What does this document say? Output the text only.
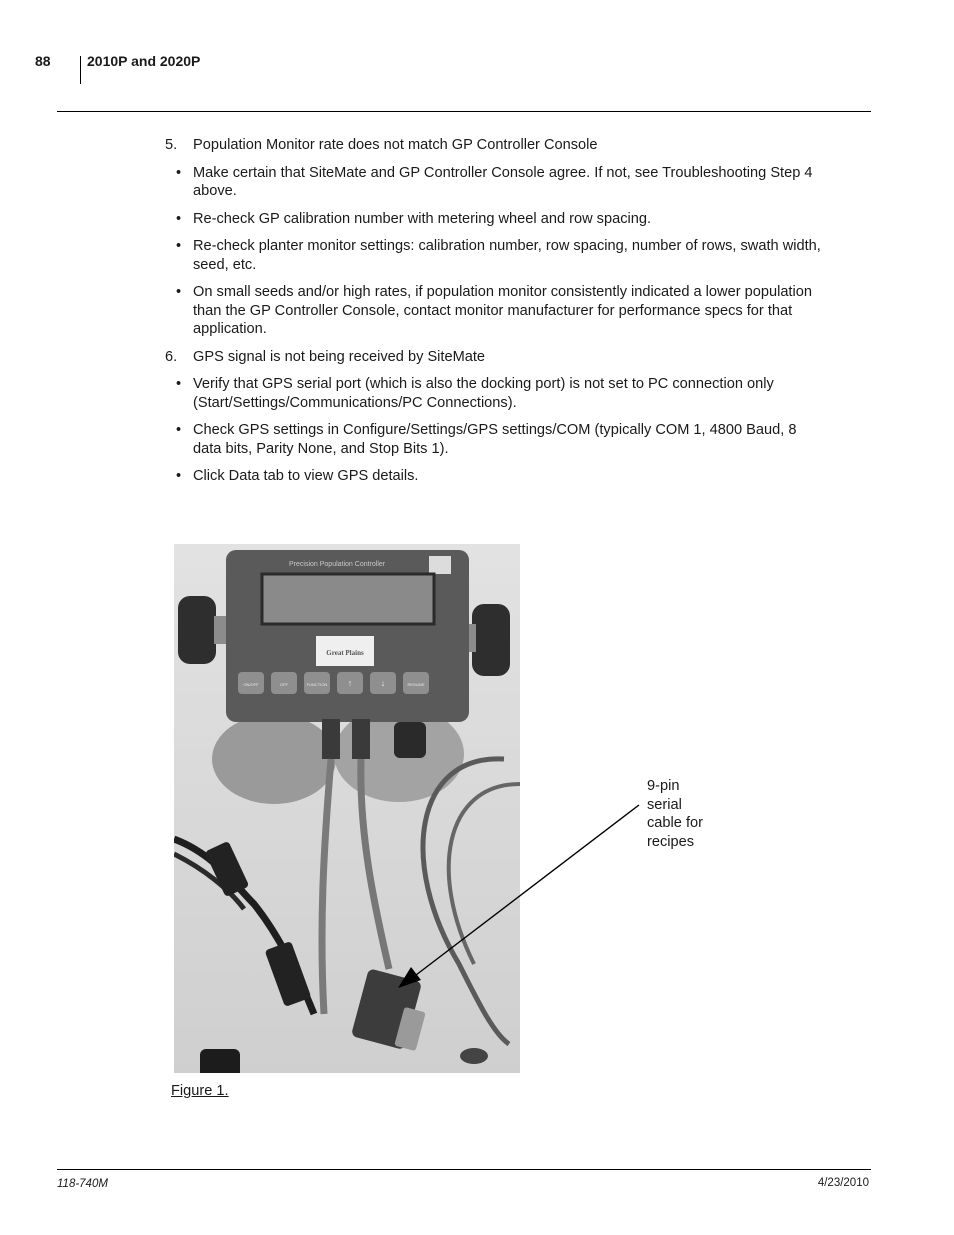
88	2010P and 2020P
5. Population Monitor rate does not match GP Controller Console
• Make certain that SiteMate and GP Controller Console agree. If not, see Troubleshooting Step 4 above.
• Re-check GP calibration number with metering wheel and row spacing.
• Re-check planter monitor settings: calibration number, row spacing, number of rows, swath width, seed, etc.
• On small seeds and/or high rates, if population monitor consistently indicated a lower population than the GP Controller Console, contact monitor manufacturer for performance specs for that application.
6. GPS signal is not being received by SiteMate
• Verify that GPS serial port (which is also the docking port) is not set to PC connection only (Start/Settings/Communications/PC Connections).
• Check GPS settings in Configure/Settings/GPS settings/COM (typically COM 1, 4800 Baud, 8 data bits, Parity None, and Stop Bits 1).
• Click Data tab to view GPS details.
Precision Population Controller
Great Plains
ON/OFF	OFF	FUNCTION ↑	↓	RESUME
9-pin
serial
cable for
recipes
Figure 1.
118-740M	4/23/2010
